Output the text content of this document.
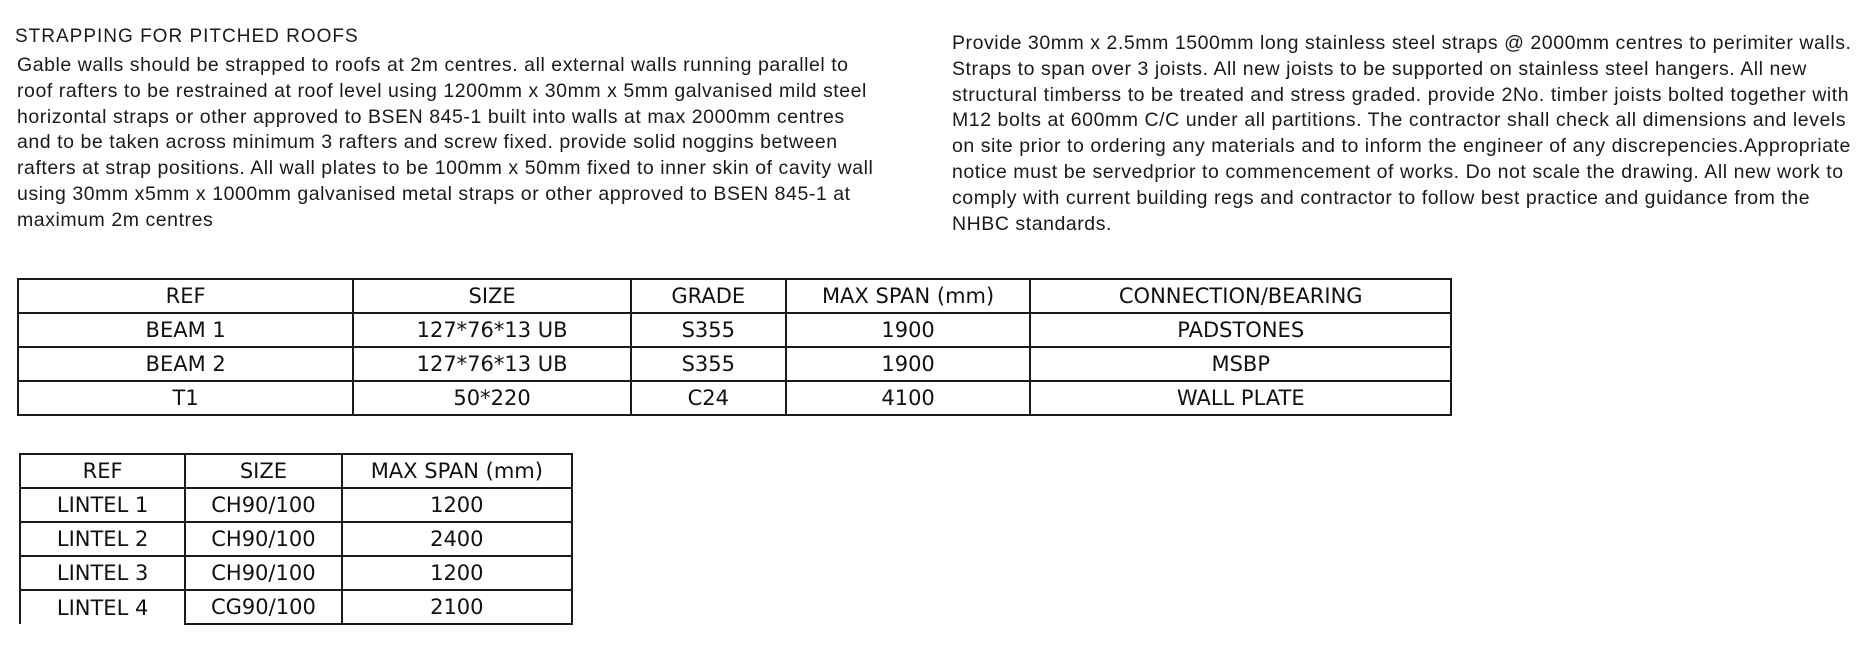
STRAPPING FOR PITCHED ROOFS
Gable walls should be strapped to roofs at 2m centres. all external walls running parallel to roof rafters to be restrained at roof level using 1200mm x 30mm x 5mm galvanised mild steel horizontal straps or other approved to BSEN 845-1 built into walls at max 2000mm centres and to be taken across minimum 3 rafters and screw fixed. provide solid noggins between rafters at strap positions. All wall plates to be 100mm x 50mm fixed to inner skin of cavity wall using 30mm x5mm x 1000mm galvanised metal straps or other approved to BSEN 845-1 at maximum 2m centres
Provide 30mm x 2.5mm 1500mm long stainless steel straps @ 2000mm centres to perimiter walls. Straps to span over 3 joists. All new joists to be supported on stainless steel hangers. All new structural timberss to be treated and stress graded. provide 2No. timber joists bolted together with M12 bolts at 600mm C/C under all partitions. The contractor shall check all dimensions and levels on site prior to ordering any materials and to inform the engineer of any discrepencies.Appropriate notice must be servedprior to commencement of works. Do not scale the drawing. All new work to comply with current building regs and contractor to follow best practice and guidance from the NHBC standards.
REF	SIZE	GRADE	MAX SPAN (mm)	CONNECTION/BEARING
BEAM 1	127*76*13 UB	S355	1900	PADSTONES
BEAM 2	127*76*13 UB	S355	1900	MSBP
T1	50*220	C24	4100	WALL PLATE
REF	SIZE	MAX SPAN (mm)
LINTEL 1	CH90/100	1200
LINTEL 2	CH90/100	2400
LINTEL 3	CH90/100	1200
LINTEL 4	CG90/100	2100
